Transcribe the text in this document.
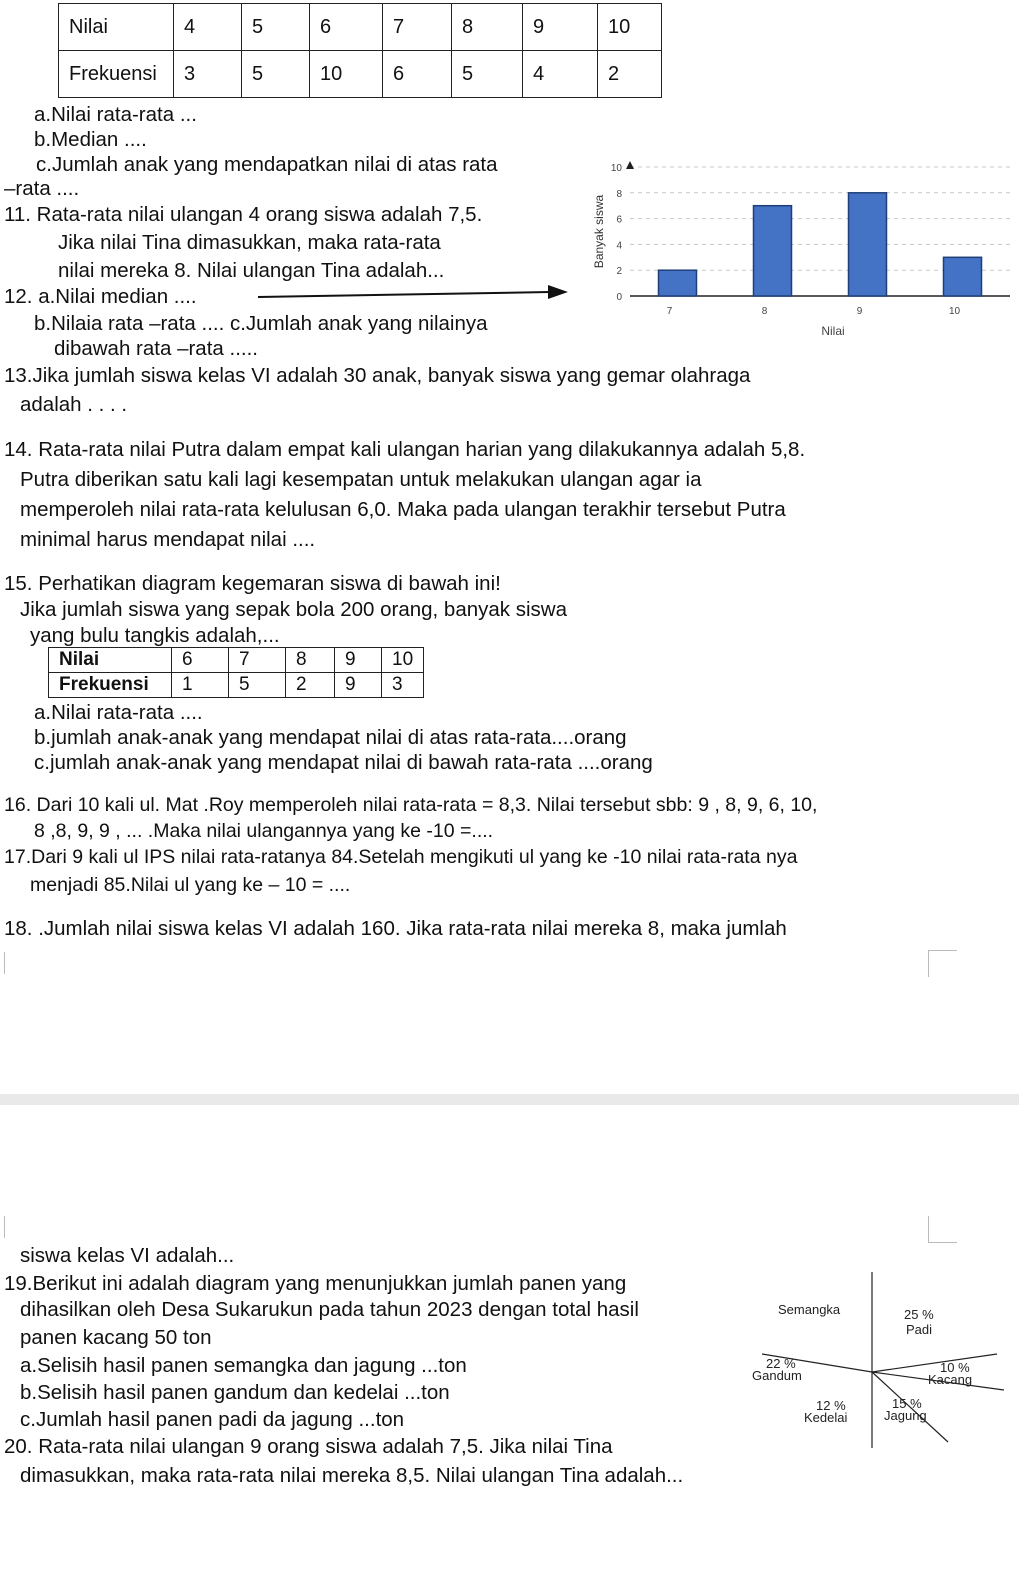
Nilai	4	5	6	7	8	9	10
Frekuensi	3	5	10	6	5	4	2
a.Nilai rata-rata ...
b.Median ....
c.Jumlah anak yang mendapatkan nilai di atas rata
–rata ....
11. Rata-rata nilai ulangan 4 orang siswa adalah 7,5.
Jika nilai Tina dimasukkan, maka rata-rata
nilai mereka 8. Nilai ulangan Tina adalah...
12. a.Nilai median ....
b.Nilaia rata –rata .... c.Jumlah anak yang nilainya
dibawah rata –rata .....
0
2
4
6
8
10
7	8	9	10
Banyak siswa
Nilai
13.Jika jumlah siswa kelas VI adalah 30 anak, banyak siswa yang gemar olahraga
adalah . . . .
14. Rata-rata nilai Putra dalam empat kali ulangan harian yang dilakukannya adalah 5,8.
Putra diberikan satu kali lagi kesempatan untuk melakukan ulangan agar ia
memperoleh nilai rata-rata kelulusan 6,0. Maka pada ulangan terakhir tersebut Putra
minimal harus mendapat nilai ....
15. Perhatikan diagram kegemaran siswa di bawah ini!
Jika jumlah siswa yang sepak bola 200 orang, banyak siswa
yang bulu tangkis adalah,...
Nilai	6	7	8	9	10
Frekuensi	1	5	2	9	3
a.Nilai rata-rata ....
b.jumlah anak-anak yang mendapat nilai di atas rata-rata....orang
c.jumlah anak-anak yang mendapat nilai di bawah rata-rata ....orang
16. Dari 10 kali ul. Mat .Roy memperoleh nilai rata-rata = 8,3. Nilai tersebut sbb: 9 , 8, 9, 6, 10,
8 ,8, 9, 9 , ... .Maka nilai ulangannya yang ke -10 =....
17.Dari 9 kali ul IPS nilai rata-ratanya 84.Setelah mengikuti ul yang ke -10 nilai rata-rata nya
menjadi 85.Nilai ul yang ke – 10 = ....
18. .Jumlah nilai siswa kelas VI adalah 160. Jika rata-rata nilai mereka 8, maka jumlah
siswa kelas VI adalah...
19.Berikut ini adalah diagram yang menunjukkan jumlah panen yang
dihasilkan oleh Desa Sukarukun pada tahun 2023 dengan total hasil
panen kacang 50 ton
a.Selisih hasil panen semangka dan jagung ...ton
b.Selisih hasil panen gandum dan kedelai ...ton
c.Jumlah hasil panen padi da jagung ...ton
20. Rata-rata nilai ulangan 9 orang siswa adalah 7,5. Jika nilai Tina
dimasukkan, maka rata-rata nilai mereka 8,5. Nilai ulangan Tina adalah...
Semangka	25 %
Padi
10 %
Kacang
15 %
Jagung
12 %
Kedelai
22 %
Gandum
